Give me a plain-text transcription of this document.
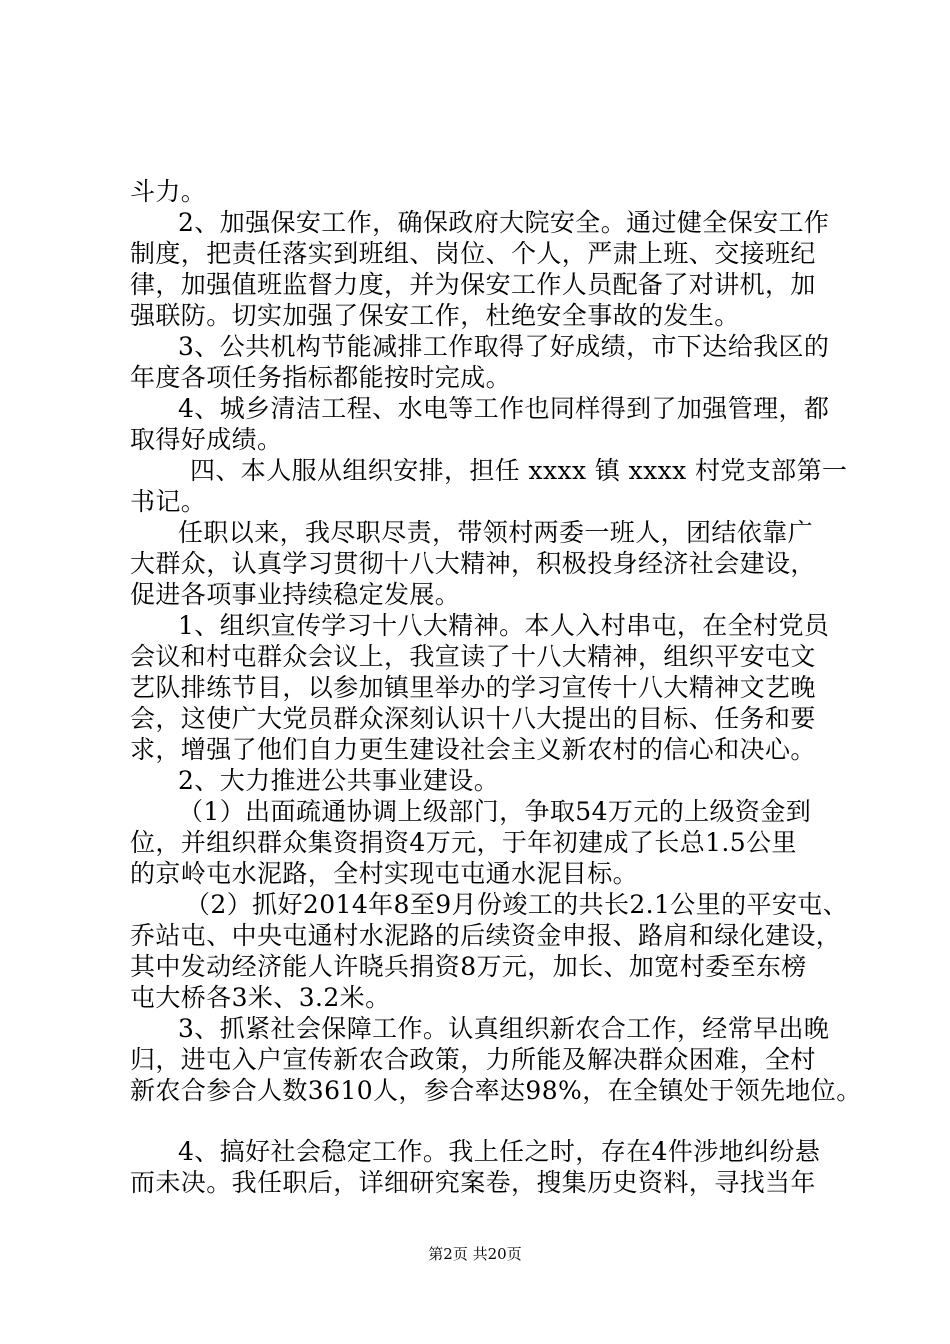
斗力。
2、加强保安工作，确保政府大院安全。通过健全保安工作
制度，把责任落实到班组、岗位、个人，严肃上班、交接班纪
律，加强值班监督力度，并为保安工作人员配备了对讲机，加
强联防。切实加强了保安工作，杜绝安全事故的发生。
3、公共机构节能减排工作取得了好成绩，市下达给我区的
年度各项任务指标都能按时完成。
4、城乡清洁工程、水电等工作也同样得到了加强管理，都
取得好成绩。
四、本人服从组织安排，担任 xxxx 镇 xxxx 村党支部第一
书记。
任职以来，我尽职尽责，带领村两委一班人，团结依靠广
大群众，认真学习贯彻十八大精神，积极投身经济社会建设，
促进各项事业持续稳定发展。
1、组织宣传学习十八大精神。本人入村串屯，在全村党员
会议和村屯群众会议上，我宣读了十八大精神，组织平安屯文
艺队排练节目，以参加镇里举办的学习宣传十八大精神文艺晚
会，这使广大党员群众深刻认识十八大提出的目标、任务和要
求，增强了他们自力更生建设社会主义新农村的信心和决心。
2、大力推进公共事业建设。
（1）出面疏通协调上级部门，争取54万元的上级资金到
位，并组织群众集资捐资4万元，于年初建成了长总1.5公里
的京岭屯水泥路，全村实现屯屯通水泥目标。
（2）抓好2014年8至9月份竣工的共长2.1公里的平安屯、
乔站屯、中央屯通村水泥路的后续资金申报、路肩和绿化建设，
其中发动经济能人许晓兵捐资8万元，加长、加宽村委至东榜
屯大桥各3米、3.2米。
3、抓紧社会保障工作。认真组织新农合工作，经常早出晚
归，进屯入户宣传新农合政策，力所能及解决群众困难，全村
新农合参合人数3610人，参合率达98%，在全镇处于领先地位。
4、搞好社会稳定工作。我上任之时，存在4件涉地纠纷悬
而未决。我任职后，详细研究案卷，搜集历史资料，寻找当年
第2页 共20页
